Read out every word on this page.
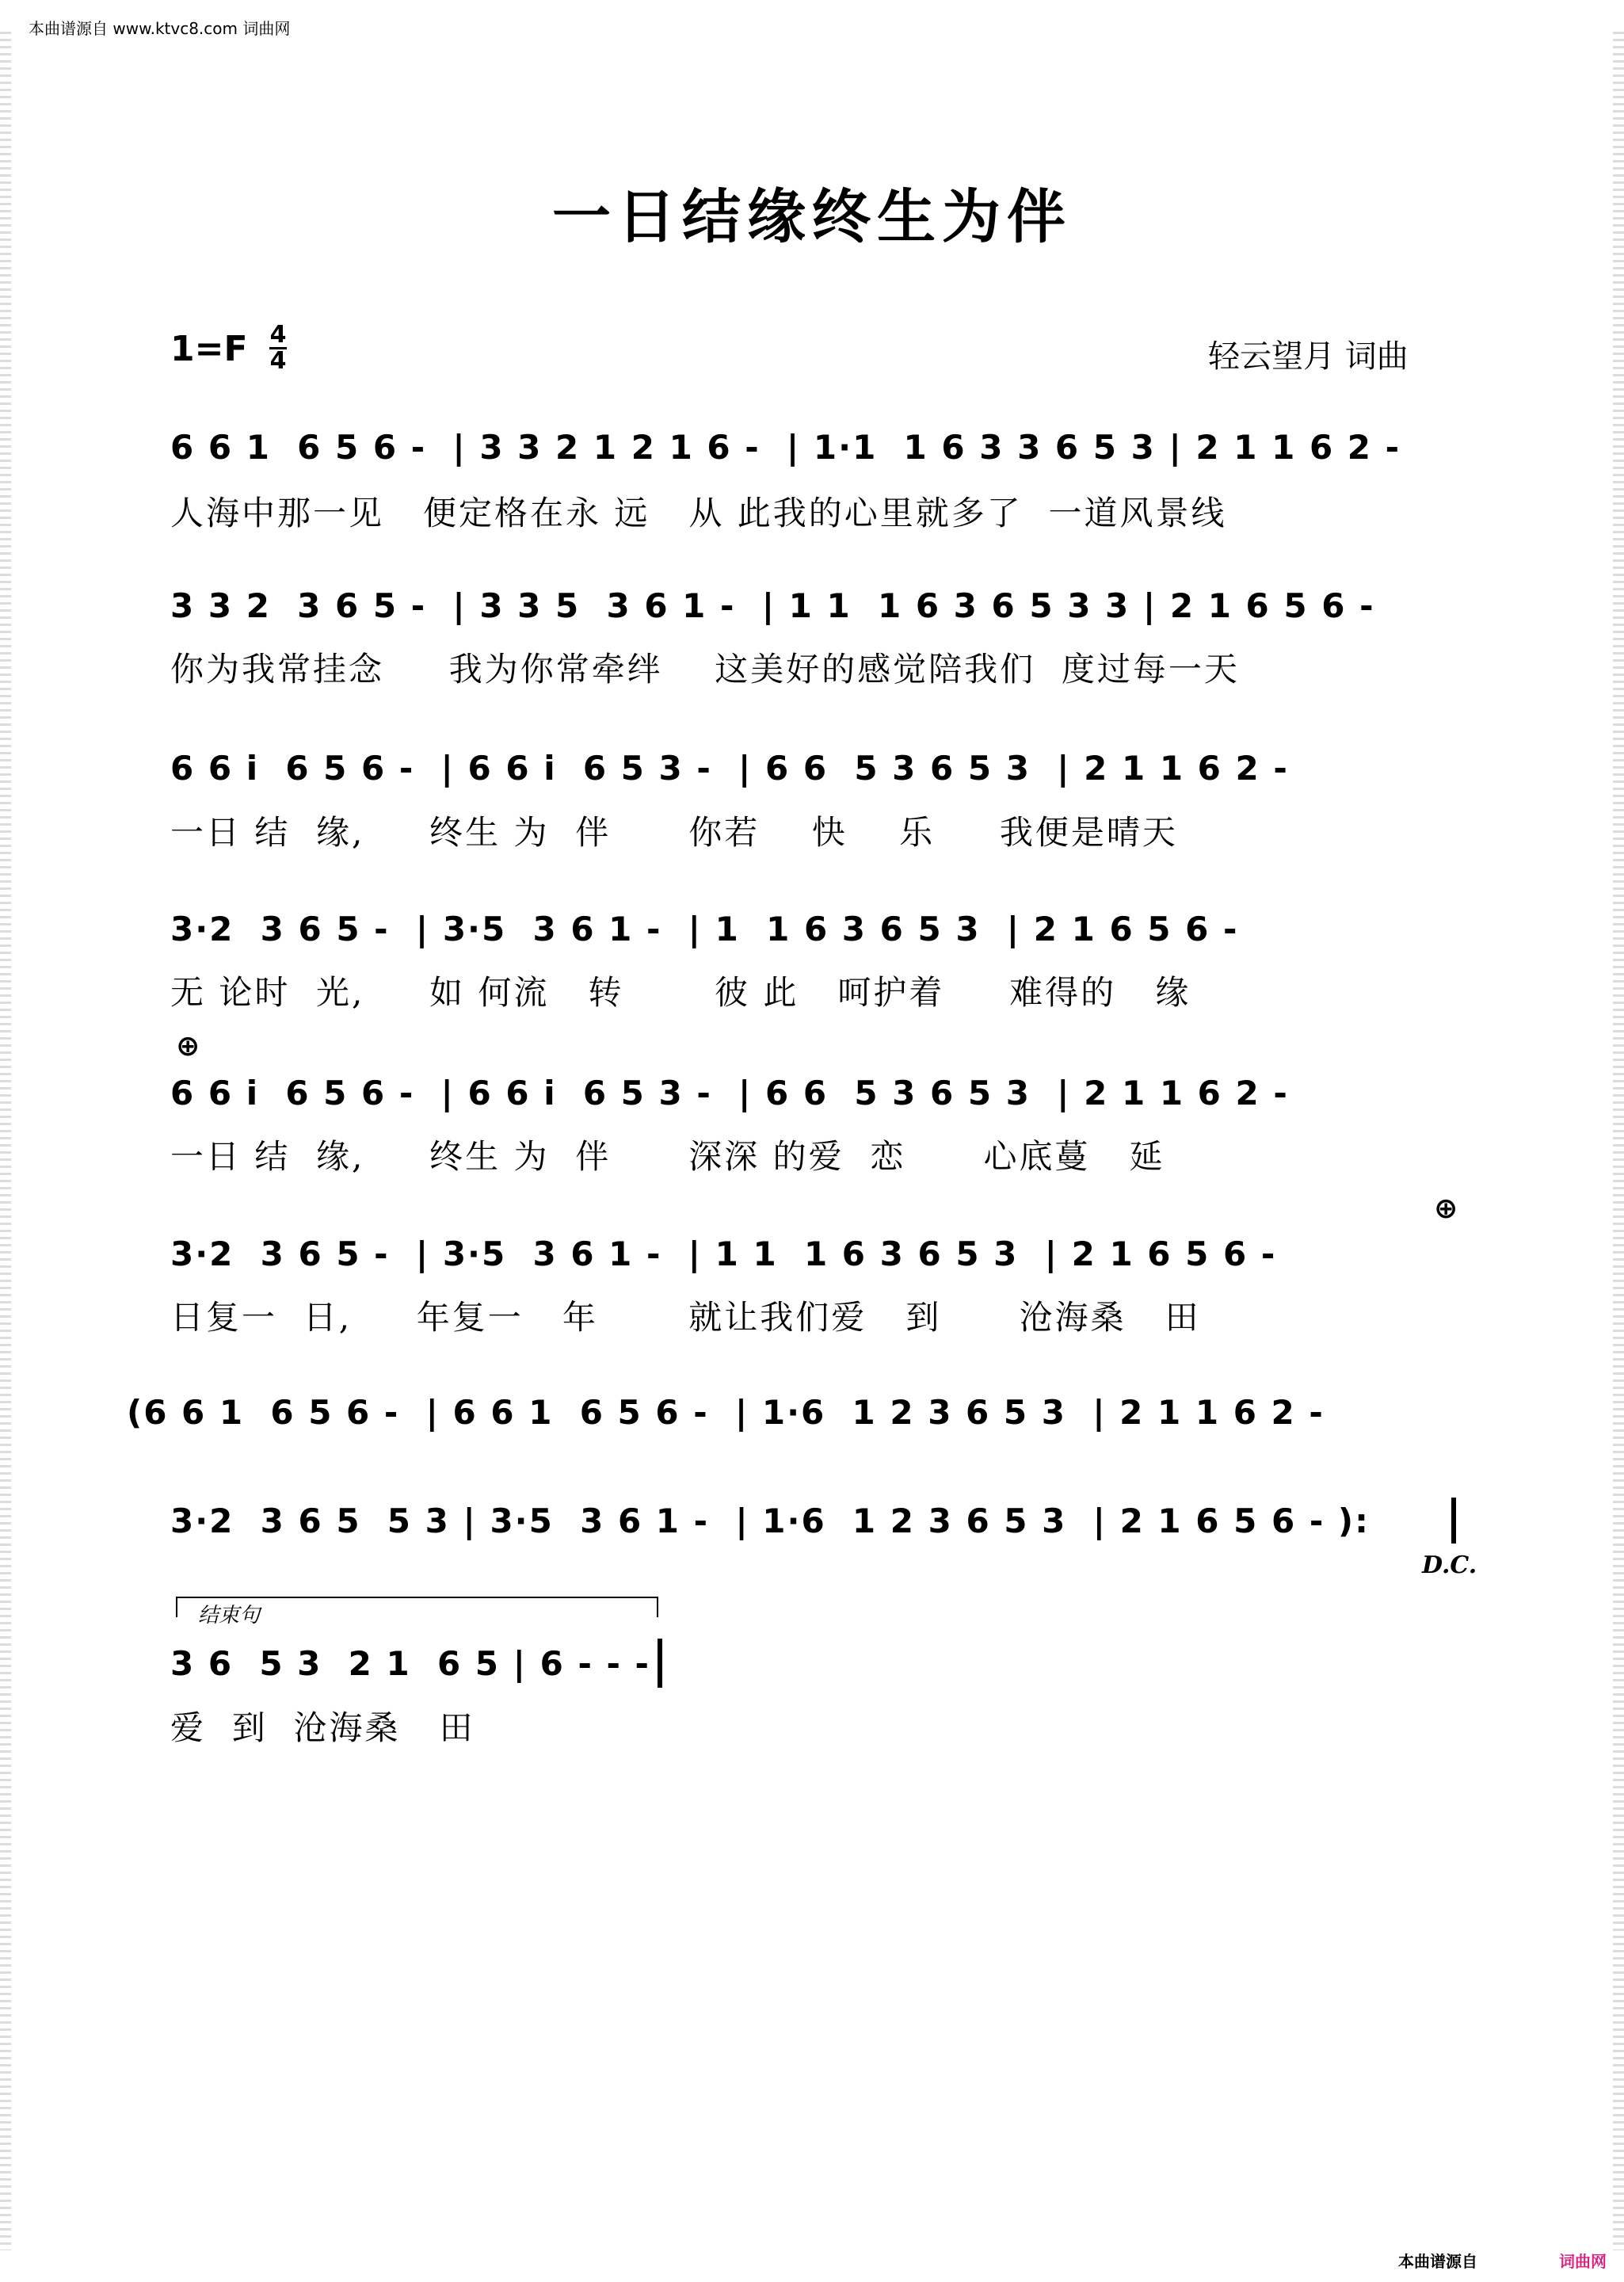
本曲谱源自 www.ktvc8.com 词曲网
一日结缘终生为伴
1=F 4
4	轻云望月 词曲
6 6 1  6 5 6 -  | 3 3 2 1 2 1 6 -  | 1·1  1 6 3 3 6 5 3 | 2 1 1 6 2 -
人海中那一见   便定格在永 远   从 此我的心里就多了  一道风景线
3 3 2  3 6 5 -  | 3 3 5  3 6 1 -  | 1 1  1 6 3 6 5 3 3 | 2 1 6 5 6 -
你为我常挂念     我为你常牵绊    这美好的感觉陪我们  度过每一天
6 6 i  6 5 6 -  | 6 6 i  6 5 3 -  | 6 6  5 3 6 5 3  | 2 1 1 6 2 -
一日 结  缘,     终生 为  伴      你若    快    乐     我便是晴天
3·2  3 6 5 -  | 3·5  3 6 1 -  | 1  1 6 3 6 5 3  | 2 1 6 5 6 -
无 论时  光,     如 何流   转       彼 此   呵护着     难得的   缘
⊕
6 6 i  6 5 6 -  | 6 6 i  6 5 3 -  | 6 6  5 3 6 5 3  | 2 1 1 6 2 -
一日 结  缘,     终生 为  伴      深深 的爱  恋      心底蔓   延
⊕
3·2  3 6 5 -  | 3·5  3 6 1 -  | 1 1  1 6 3 6 5 3  | 2 1 6 5 6 -
日复一  日,     年复一   年       就让我们爱   到      沧海桑   田
(6 6 1  6 5 6 -  | 6 6 1  6 5 6 -  | 1·6  1 2 3 6 5 3  | 2 1 1 6 2 -
3·2  3 6 5  5 3 | 3·5  3 6 1 -  | 1·6  1 2 3 6 5 3  | 2 1 6 5 6 - ):
D.C.
结束句
3 6  5 3  2 1  6 5 | 6 - - -
爱  到  沧海桑   田
本曲谱源自	词曲网
